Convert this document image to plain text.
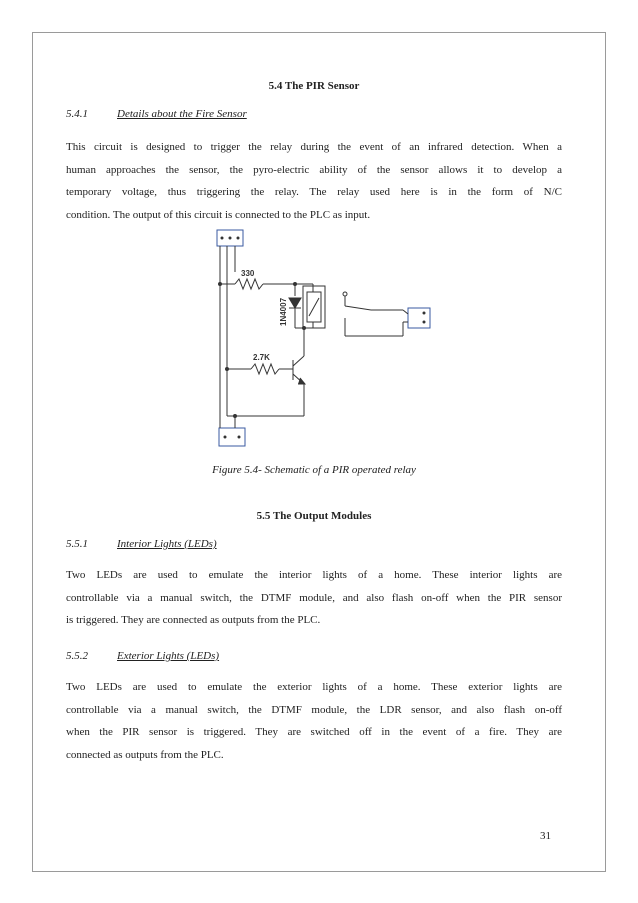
5.4 The PIR Sensor
5.4.1	Details about the Fire Sensor
This circuit is designed to trigger the relay during the event of an infrared detection. When a
human approaches the sensor, the pyro-electric ability of the sensor allows it to develop a
temporary voltage, thus triggering the relay. The relay used here is in the form of N/C
condition. The output of this circuit is connected to the PLC as input.
330
2.7K
1N4007
Figure 5.4- Schematic of a PIR operated relay
5.5 The Output Modules
5.5.1	Interior Lights (LEDs)
Two LEDs are used to emulate the interior lights of a home. These interior lights are
controllable via a manual switch, the DTMF module, and also flash on-off when the PIR sensor
is triggered. They are connected as outputs from the PLC.
5.5.2	Exterior Lights (LEDs)
Two LEDs are used to emulate the exterior lights of a home. These exterior lights are
controllable via a manual switch, the DTMF module, the LDR sensor, and also flash on-off
when the PIR sensor is triggered. They are switched off in the event of a fire. They are
connected as outputs from the PLC.
31
